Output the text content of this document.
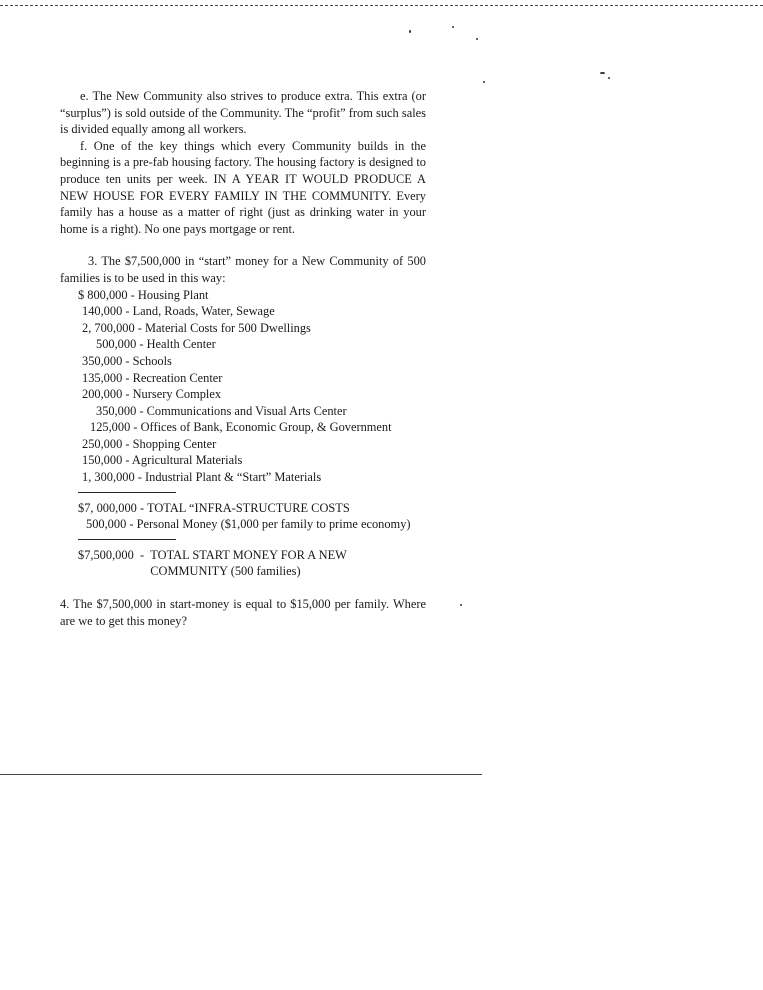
e. The New Community also strives to produce extra. This extra (or “surplus”) is sold outside of the Community. The “profit” from such sales is divided equally among all workers.

f. One of the key things which every Community builds in the beginning is a pre-fab housing factory. The housing factory is designed to produce ten units per week. IN A YEAR IT WOULD PRODUCE A NEW HOUSE FOR EVERY FAMILY IN THE COMMUNITY. Every family has a house as a matter of right (just as drinking water in your home is a right). No one pays mortgage or rent.

3. The $7,500,000 in “start” money for a New Community of 500 families is to be used in this way:

$ 800,000 - Housing Plant
140,000 - Land, Roads, Water, Sewage
2, 700,000 - Material Costs for 500 Dwellings
500,000 - Health Center
350,000 - Schools
135,000 - Recreation Center
200,000 - Nursery Complex
350,000 - Communications and Visual Arts Center
125,000 - Offices of Bank, Economic Group, & Government
250,000 - Shopping Center
150,000 - Agricultural Materials
1, 300,000 - Industrial Plant & “Start” Materials
$7, 000,000 - TOTAL “INFRA-STRUCTURE COSTS
500,000 - Personal Money ($1,000 per family to prime economy)
$7,500,000  - TOTAL START MONEY FOR A NEW COMMUNITY (500 families)

4. The $7,500,000 in start-money is equal to $15,000 per family. Where are we to get this money?
